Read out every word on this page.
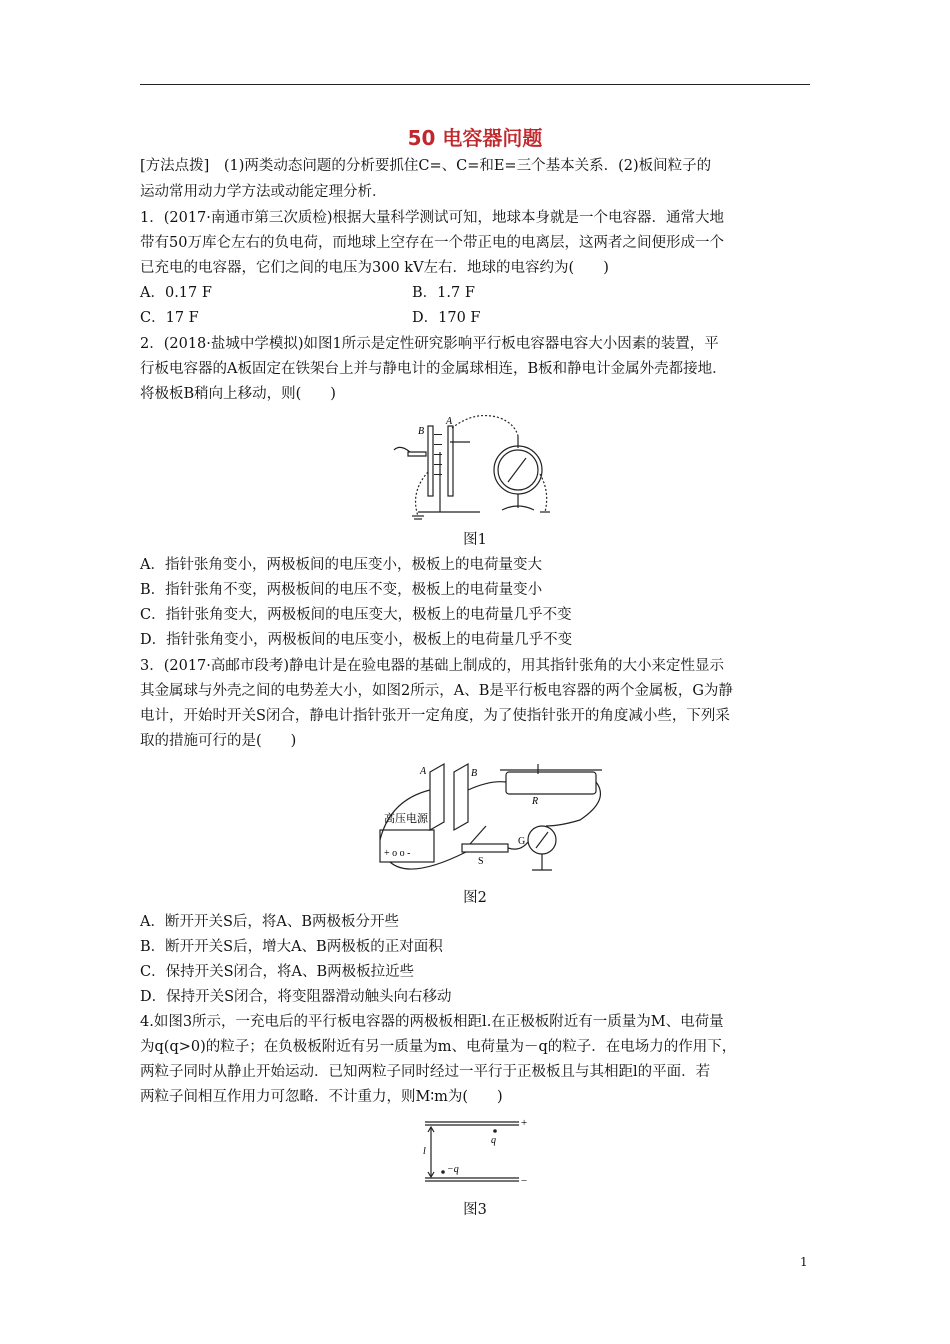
50 电容器问题
[方法点拨]　(1)两类动态问题的分析要抓住C=、C=和E=三个基本关系．(2)板间粒子的
运动常用动力学方法或动能定理分析．
1．(2017·南通市第三次质检)根据大量科学测试可知，地球本身就是一个电容器．通常大地
带有50万库仑左右的负电荷，而地球上空存在一个带正电的电离层，这两者之间便形成一个
已充电的电容器，它们之间的电压为300 kV左右．地球的电容约为(　　)
A．0.17 F	B．1.7 F
C．17 F	D．170 F
2．(2018·盐城中学模拟)如图1所示是定性研究影响平行板电容器电容大小因素的装置，平
行板电容器的A板固定在铁架台上并与静电计的金属球相连，B板和静电计金属外壳都接地．
将极板B稍向上移动，则(　　)
B
A
图1
A．指针张角变小，两极板间的电压变小，极板上的电荷量变大
B．指针张角不变，两极板间的电压不变，极板上的电荷量变小
C．指针张角变大，两极板间的电压变大，极板上的电荷量几乎不变
D．指针张角变小，两极板间的电压变小，极板上的电荷量几乎不变
3．(2017·高邮市段考)静电计是在验电器的基础上制成的，用其指针张角的大小来定性显示
其金属球与外壳之间的电势差大小，如图2所示，A、B是平行板电容器的两个金属板，G为静
电计，开始时开关S闭合，静电计指针张开一定角度，为了使指针张开的角度减小些，下列采
取的措施可行的是(　　)
A	B
R
高压电源
+ o o -
S
G
图2
A．断开开关S后，将A、B两极板分开些
B．断开开关S后，增大A、B两极板的正对面积
C．保持开关S闭合，将A、B两极板拉近些
D．保持开关S闭合，将变阻器滑动触头向右移动
4.如图3所示，一充电后的平行板电容器的两极板相距l.在正极板附近有一质量为M、电荷量
为q(q>0)的粒子；在负极板附近有另一质量为m、电荷量为－q的粒子．在电场力的作用下，
两粒子同时从静止开始运动．已知两粒子同时经过一平行于正极板且与其相距l的平面．若
两粒子间相互作用力可忽略．不计重力，则M∶m为(　　)
+
−
q
−q
l
图3
1
